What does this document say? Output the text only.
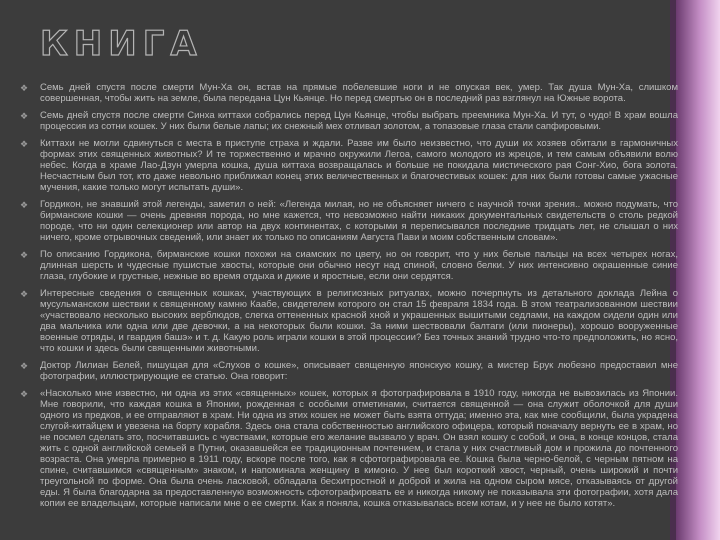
КНИГА
❖ Семь дней спустя после смерти Мун-Ха он, встав на прямые побелевшие ноги и не опуская век, умер. Так душа Мун-Ха, слишком совершенная, чтобы жить на земле, была передана Цун Кьянце. Но перед смертью он в последний раз взглянул на Южные ворота.
❖ Семь дней спустя после смерти Синха киттахи собрались перед Цун Кьянце, чтобы выбрать преемника Мун-Ха. И тут, о чудо! В храм вошла процессия из сотни кошек. У них были белые лапы; их снежный мех отливал золотом, а топазовые глаза стали сапфировыми.
❖ Киттахи не могли сдвинуться с места в приступе страха и ждали. Разве им было неизвестно, что души их хозяев обитали в гармоничных формах этих священных животных? И те торжественно и мрачно окружили Легоа, самого молодого из жрецов, и тем самым объявили волю небес. Когда в храме Лао-Дзун умерла кошка, душа киттаха возвращалась и больше не покидала мистического рая Сонг-Хио, бога золота. Несчастным был тот, кто даже невольно приближал конец этих величественных и благочестивых кошек: для них были готовы самые ужасные мучения, какие только могут испытать души».
❖ Гордикон, не знавший этой легенды, заметил о ней: «Легенда милая, но не объясняет ничего с научной точки зрения.. можно подумать, что бирманские кошки — очень древняя порода, но мне кажется, что невозможно найти никаких документальных свидетельств о столь редкой породе, что ни один селекционер или автор на двух континентах, с которыми я переписывался последние тридцать лет, не слышал о них ничего, кроме отрывочных сведений, или знает их только по описаниям Августа Пави и моим собственным словам».
❖ По описанию Гордикона, бирманские кошки похожи на сиамских по цвету, но он говорит, что у них белые пальцы на всех четырех ногах, длинная шерсть и чудесные пушистые хвосты, которые они обычно несут над спиной, словно белки. У них интенсивно окрашенные синие глаза, глубокие и грустные, нежные во время отдыха и дикие и яростные, если они сердятся.
❖ Интересные сведения о священных кошках, участвующих в религиозных ритуалах, можно почерпнуть из детального доклада Лейна о мусульманском шествии к священному камню Каабе, свидетелем которого он стал 15 февраля 1834 года. В этом театрализованном шествии «участвовало несколько высоких верблюдов, слегка оттененных красной хной и украшенных вышитыми седлами, на каждом сидели один или два мальчика или одна или две девочки, а на некоторых были кошки. За ними шествовали балтаги (или пионеры), хорошо вооруженные военные отряды, и гвардия башэ» и т. д. Какую роль играли кошки в этой процессии? Без точных знаний трудно что-то предположить, но ясно, что кошки и здесь были священными животными.
❖ Доктор Лилиан Белей, пишущая для «Слухов о кошке», описывает священную японскую кошку, а мистер Брук любезно предоставил мне фотографии, иллюстрирующие ее статью. Она говорит:
❖ «Насколько мне известно, ни одна из этих «священных» кошек, которых я фотографировала в 1910 году, никогда не вывозилась из Японии. Мне говорили, что каждая кошка в Японии, рожденная с особыми отметинами, считается священной — она служит оболочкой для души одного из предков, и ее отправляют в храм. Ни одна из этих кошек не может быть взята оттуда; именно эта, как мне сообщили, была украдена слугой-китайцем и увезена на борту корабля. Здесь она стала собственностью английского офицера, который поначалу вернуть ее в храм, но не посмел сделать это, посчитавшись с чувствами, которые его желание вызвало у врач. Он взял кошку с собой, и она, в конце концов, стала жить с одной английской семьей в Путни, оказавшейся ее традиционным почтением, и стала у них счастливый дом и прожила до почтенного возраста. Она умерла примерно в 1911 году, вскоре после того, как я сфотографировала ее. Кошка была черно-белой, с черным пятном на спине, считавшимся «священным» знаком, и напоминала женщину в кимоно. У нее был короткий хвост, черный, очень широкий и почти треугольной по форме. Она была очень ласковой, обладала бесхитростной и доброй и жила на одном сыром мясе, отказываясь от другой еды. Я была благодарна за предоставленную возможность сфотографировать ее и никогда никому не показывала эти фотографии, хотя дала копии ее владельцам, которые написали мне о ее смерти. Как я поняла, кошка отказывалась всем котам, и у нее не было котят».
